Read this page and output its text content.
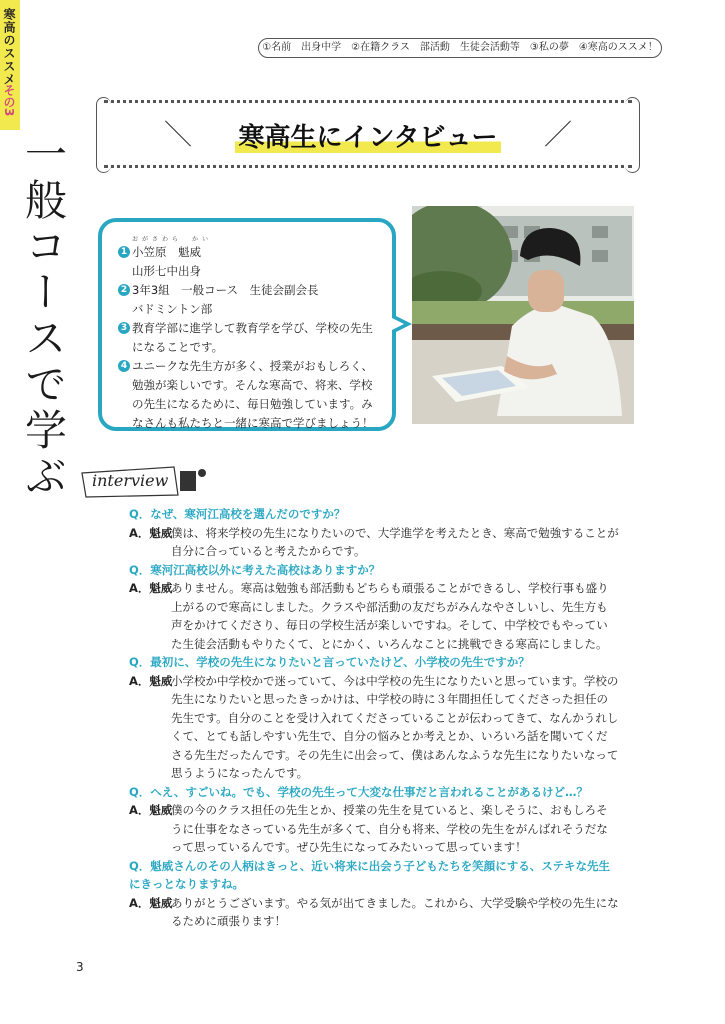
寒高のススメ
その3
一般コースで学ぶ
①名前　出身中学　②在籍クラス　部活動　生徒会活動等　③私の夢　④寒高のススメ！
＼	／
寒高生にインタビュー
おがさわら　かい
1 小笠原　魁威
山形七中出身
2 3年3組　一般コース　生徒会副会長
バドミントン部
3 教育学部に進学して教育学を学び、学校の先生
になることです。
4 ユニークな先生方が多く、授業がおもしろく、
勉強が楽しいです。そんな寒高で、将来、学校
の先生になるために、毎日勉強しています。み
なさんも私たちと一緒に寒高で学びましょう！
interview
Q．なぜ、寒河江高校を選んだのですか？
A．魁威
僕は、将来学校の先生になりたいので、大学進学を考えたとき、寒高で勉強することが自分に合っていると考えたからです。
Q．寒河江高校以外に考えた高校はありますか？
A．魁威
ありません。寒高は勉強も部活動もどちらも頑張ることができるし、学校行事も盛り上がるので寒高にしました。クラスや部活動の友だちがみんなやさしいし、先生方も声をかけてくださり、毎日の学校生活が楽しいですね。そして、中学校でもやっていた生徒会活動もやりたくて、とにかく、いろんなことに挑戦できる寒高にしました。
Q．最初に、学校の先生になりたいと言っていたけど、小学校の先生ですか？
A．魁威
小学校か中学校かで迷っていて、今は中学校の先生になりたいと思っています。学校の先生になりたいと思ったきっかけは、中学校の時に３年間担任してくださった担任の先生です。自分のことを受け入れてくださっていることが伝わってきて、なんかうれしくて、とても話しやすい先生で、自分の悩みとか考えとか、いろいろ話を聞いてくださる先生だったんです。その先生に出会って、僕はあんなふうな先生になりたいなって思うようになったんです。
Q．へえ、すごいね。でも、学校の先生って大変な仕事だと言われることがあるけど…？
A．魁威
僕の今のクラス担任の先生とか、授業の先生を見ていると、楽しそうに、おもしろそうに仕事をなさっている先生が多くて、自分も将来、学校の先生をがんばれそうだなって思っているんです。ぜひ先生になってみたいって思っています！
Q．魁威さんのその人柄はきっと、近い将来に出会う子どもたちを笑顔にする、ステキな先生にきっとなりますね。
A．魁威
ありがとうございます。やる気が出てきました。これから、大学受験や学校の先生になるために頑張ります！
3
